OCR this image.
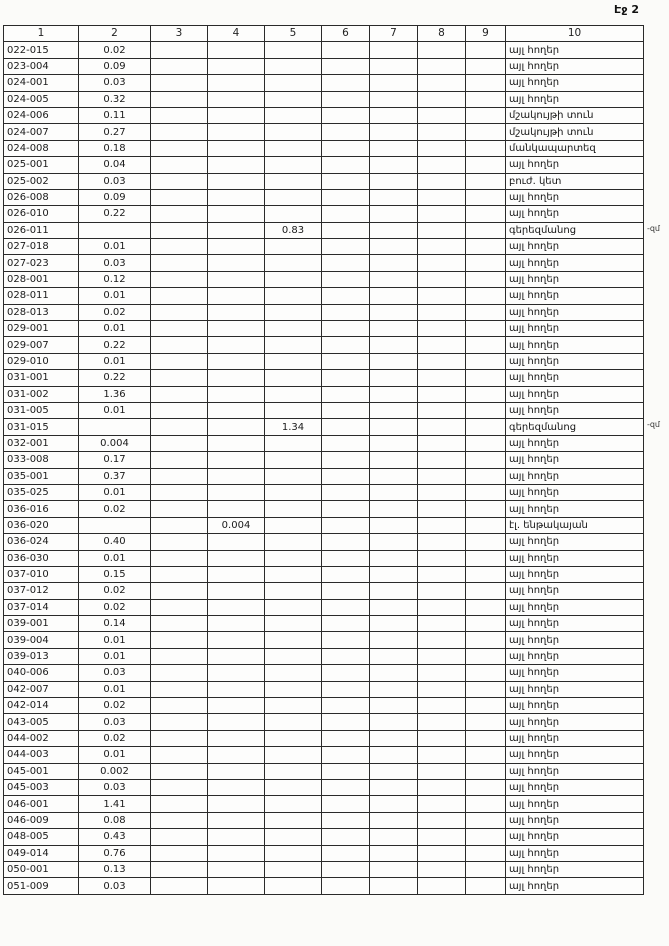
Էջ 2
1	2	3	4	5	6	7	8	9	10
022-015	0.02								այլ հողեր
023-004	0.09								այլ հողեր
024-001	0.03								այլ հողեր
024-005	0.32								այլ հողեր
024-006	0.11								մշակույթի տուն
024-007	0.27								մշակույթի տուն
024-008	0.18								մանկապարտեզ
025-001	0.04								այլ հողեր
025-002	0.03								բուժ. կետ
026-008	0.09								այլ հողեր
026-010	0.22								այլ հողեր
026-011				0.83					գերեզմանոց -զմ

027-018	0.01								այլ հողեր
027-023	0.03								այլ հողեր
028-001	0.12								այլ հողեր
028-011	0.01								այլ հողեր
028-013	0.02								այլ հողեր
029-001	0.01								այլ հողեր
029-007	0.22								այլ հողեր
029-010	0.01								այլ հողեր
031-001	0.22								այլ հողեր
031-002	1.36								այլ հողեր
031-005	0.01								այլ հողեր
031-015				1.34					գերեզմանոց -զմ

032-001	0.004								այլ հողեր
033-008	0.17								այլ հողեր
035-001	0.37								այլ հողեր
035-025	0.01								այլ հողեր
036-016	0.02								այլ հողեր
036-020			0.004						էլ. ենթակայան
036-024	0.40								այլ հողեր
036-030	0.01								այլ հողեր
037-010	0.15								այլ հողեր
037-012	0.02								այլ հողեր
037-014	0.02								այլ հողեր
039-001	0.14								այլ հողեր
039-004	0.01								այլ հողեր
039-013	0.01								այլ հողեր
040-006	0.03								այլ հողեր
042-007	0.01								այլ հողեր
042-014	0.02								այլ հողեր
043-005	0.03								այլ հողեր
044-002	0.02								այլ հողեր
044-003	0.01								այլ հողեր
045-001	0.002								այլ հողեր
045-003	0.03								այլ հողեր
046-001	1.41								այլ հողեր
046-009	0.08								այլ հողեր
048-005	0.43								այլ հողեր
049-014	0.76								այլ հողեր
050-001	0.13								այլ հողեր
051-009	0.03								այլ հողեր
